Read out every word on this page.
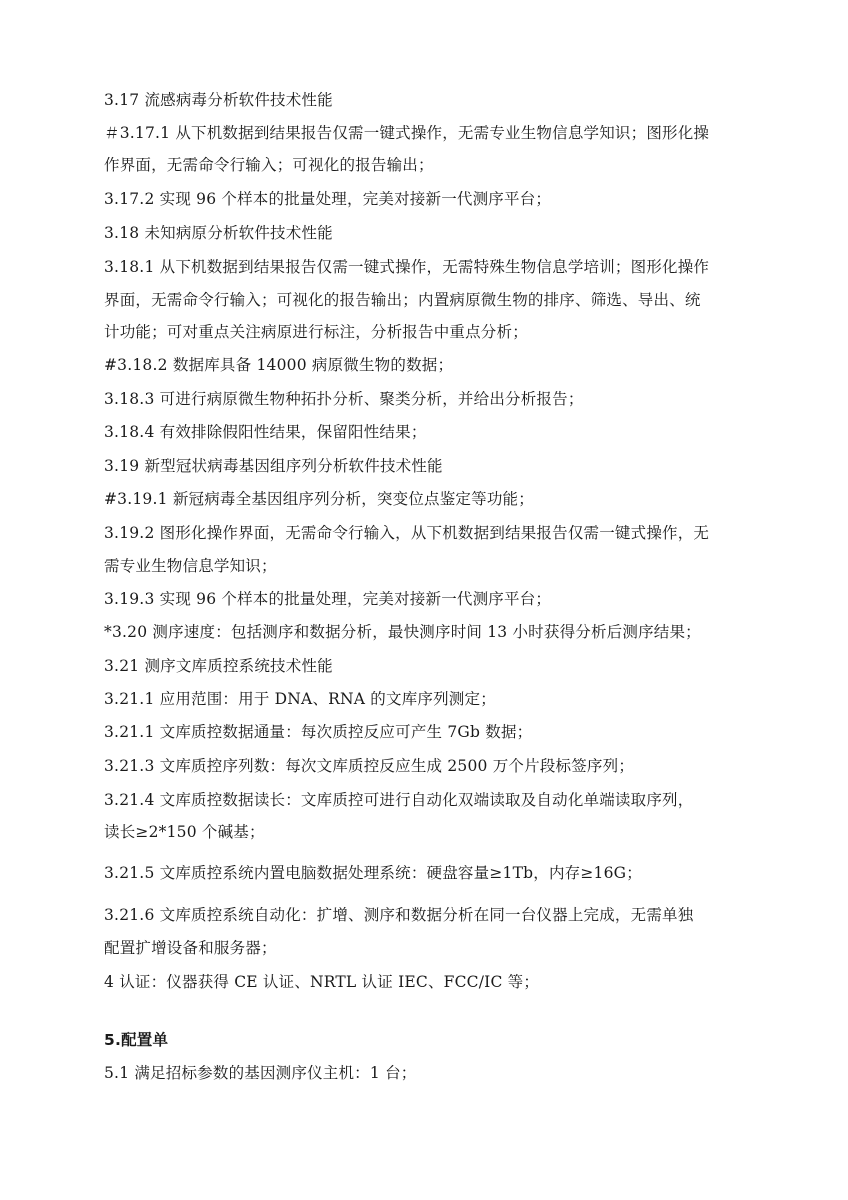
3.17 流感病毒分析软件技术性能
＃3.17.1 从下机数据到结果报告仅需一键式操作，无需专业生物信息学知识；图形化操
作界面，无需命令行输入；可视化的报告输出；
3.17.2 实现 96 个样本的批量处理，完美对接新一代测序平台；
3.18 未知病原分析软件技术性能
3.18.1 从下机数据到结果报告仅需一键式操作，无需特殊生物信息学培训；图形化操作
界面，无需命令行输入；可视化的报告输出；内置病原微生物的排序、筛选、导出、统
计功能；可对重点关注病原进行标注，分析报告中重点分析；
#3.18.2 数据库具备 14000 病原微生物的数据；
3.18.3 可进行病原微生物种拓扑分析、聚类分析，并给出分析报告；
3.18.4 有效排除假阳性结果，保留阳性结果；
3.19 新型冠状病毒基因组序列分析软件技术性能
#3.19.1 新冠病毒全基因组序列分析，突变位点鉴定等功能；
3.19.2 图形化操作界面，无需命令行输入，从下机数据到结果报告仅需一键式操作，无
需专业生物信息学知识；
3.19.3 实现 96 个样本的批量处理，完美对接新一代测序平台；
*3.20 测序速度：包括测序和数据分析，最快测序时间 13 小时获得分析后测序结果；
3.21 测序文库质控系统技术性能
3.21.1 应用范围：用于 DNA、RNA 的文库序列测定；
3.21.1 文库质控数据通量：每次质控反应可产生 7Gb 数据；
3.21.3 文库质控序列数：每次文库质控反应生成 2500 万个片段标签序列；
3.21.4 文库质控数据读长：文库质控可进行自动化双端读取及自动化单端读取序列，
读长≥2*150 个碱基；
3.21.5 文库质控系统内置电脑数据处理系统：硬盘容量≥1Tb，内存≥16G；
3.21.6 文库质控系统自动化：扩增、测序和数据分析在同一台仪器上完成，无需单独
配置扩增设备和服务器；
4 认证：仪器获得 CE 认证、NRTL 认证 IEC、FCC/IC 等；
5.配置单
5.1 满足招标参数的基因测序仪主机：1 台；
